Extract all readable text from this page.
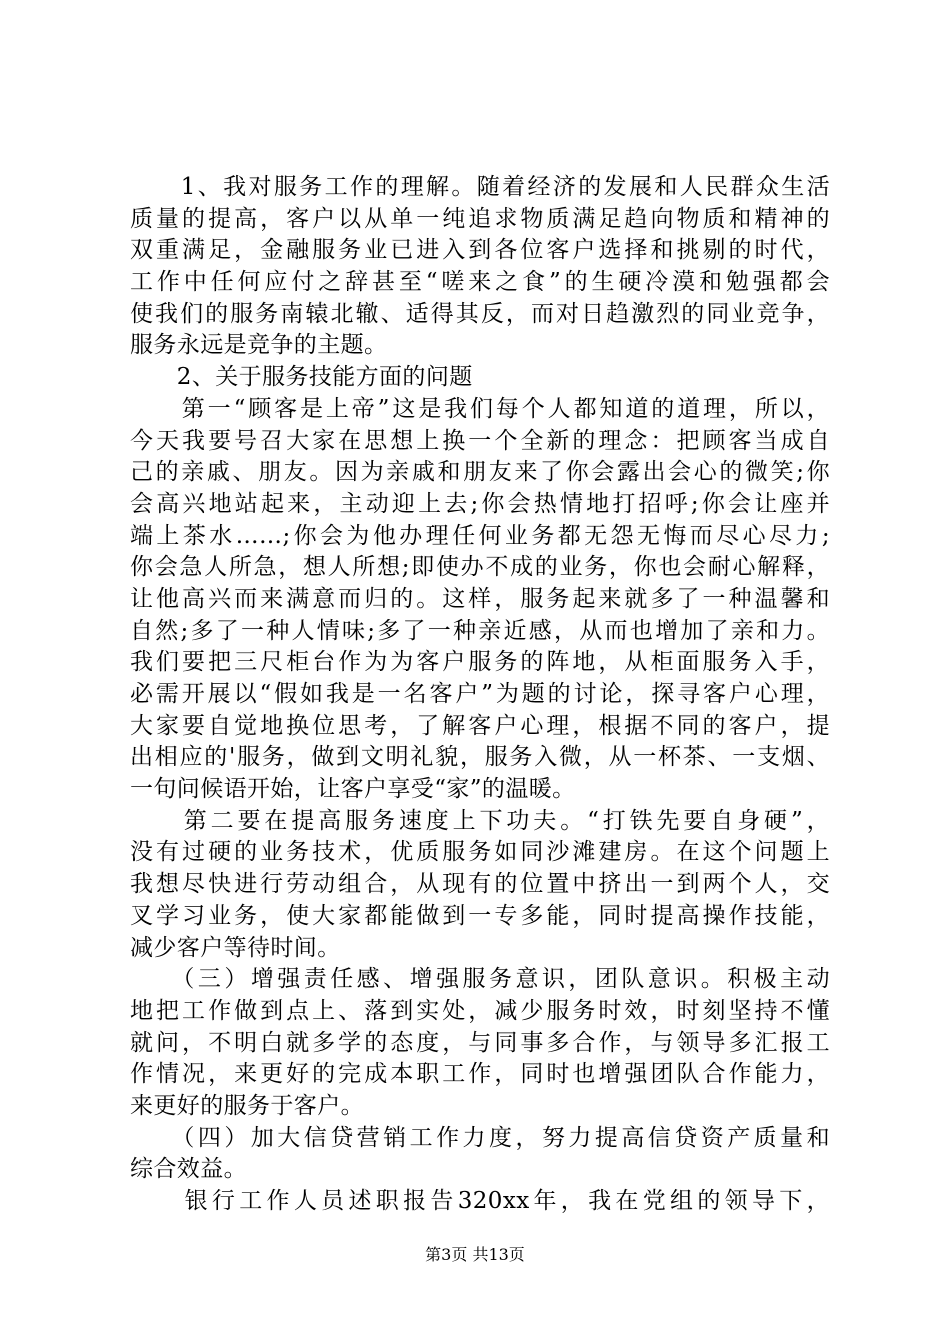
　　1、我对服务工作的理解。随着经济的发展和人民群众生活
质量的提高，客户以从单一纯追求物质满足趋向物质和精神的
双重满足，金融服务业已进入到各位客户选择和挑剔的时代，
工作中任何应付之辞甚至“嗟来之食”的生硬冷漠和勉强都会
使我们的服务南辕北辙、适得其反，而对日趋激烈的同业竞争，
服务永远是竞争的主题。
　　2、关于服务技能方面的问题
　　第一“顾客是上帝”这是我们每个人都知道的道理，所以，
今天我要号召大家在思想上换一个全新的理念：把顾客当成自
己的亲戚、朋友。因为亲戚和朋友来了你会露出会心的微笑;你
会高兴地站起来，主动迎上去;你会热情地打招呼;你会让座并
端上茶水……;你会为他办理任何业务都无怨无悔而尽心尽力;
你会急人所急，想人所想;即使办不成的业务，你也会耐心解释，
让他高兴而来满意而归的。这样，服务起来就多了一种温馨和
自然;多了一种人情味;多了一种亲近感，从而也增加了亲和力。
我们要把三尺柜台作为为客户服务的阵地，从柜面服务入手，
必需开展以“假如我是一名客户”为题的讨论，探寻客户心理，
大家要自觉地换位思考，了解客户心理，根据不同的客户，提
出相应的'服务，做到文明礼貌，服务入微，从一杯茶、一支烟、
一句问候语开始，让客户享受“家”的温暖。
　　第二要在提高服务速度上下功夫。“打铁先要自身硬”，
没有过硬的业务技术，优质服务如同沙滩建房。在这个问题上
我想尽快进行劳动组合，从现有的位置中挤出一到两个人，交
叉学习业务，使大家都能做到一专多能，同时提高操作技能，
减少客户等待时间。
　　（三）增强责任感、增强服务意识，团队意识。积极主动
地把工作做到点上、落到实处，减少服务时效，时刻坚持不懂
就问，不明白就多学的态度，与同事多合作，与领导多汇报工
作情况，来更好的完成本职工作，同时也增强团队合作能力，
来更好的服务于客户。
　　（四）加大信贷营销工作力度，努力提高信贷资产质量和
综合效益。
　　银行工作人员述职报告320xx年，我在党组的领导下，
第3页 共13页
